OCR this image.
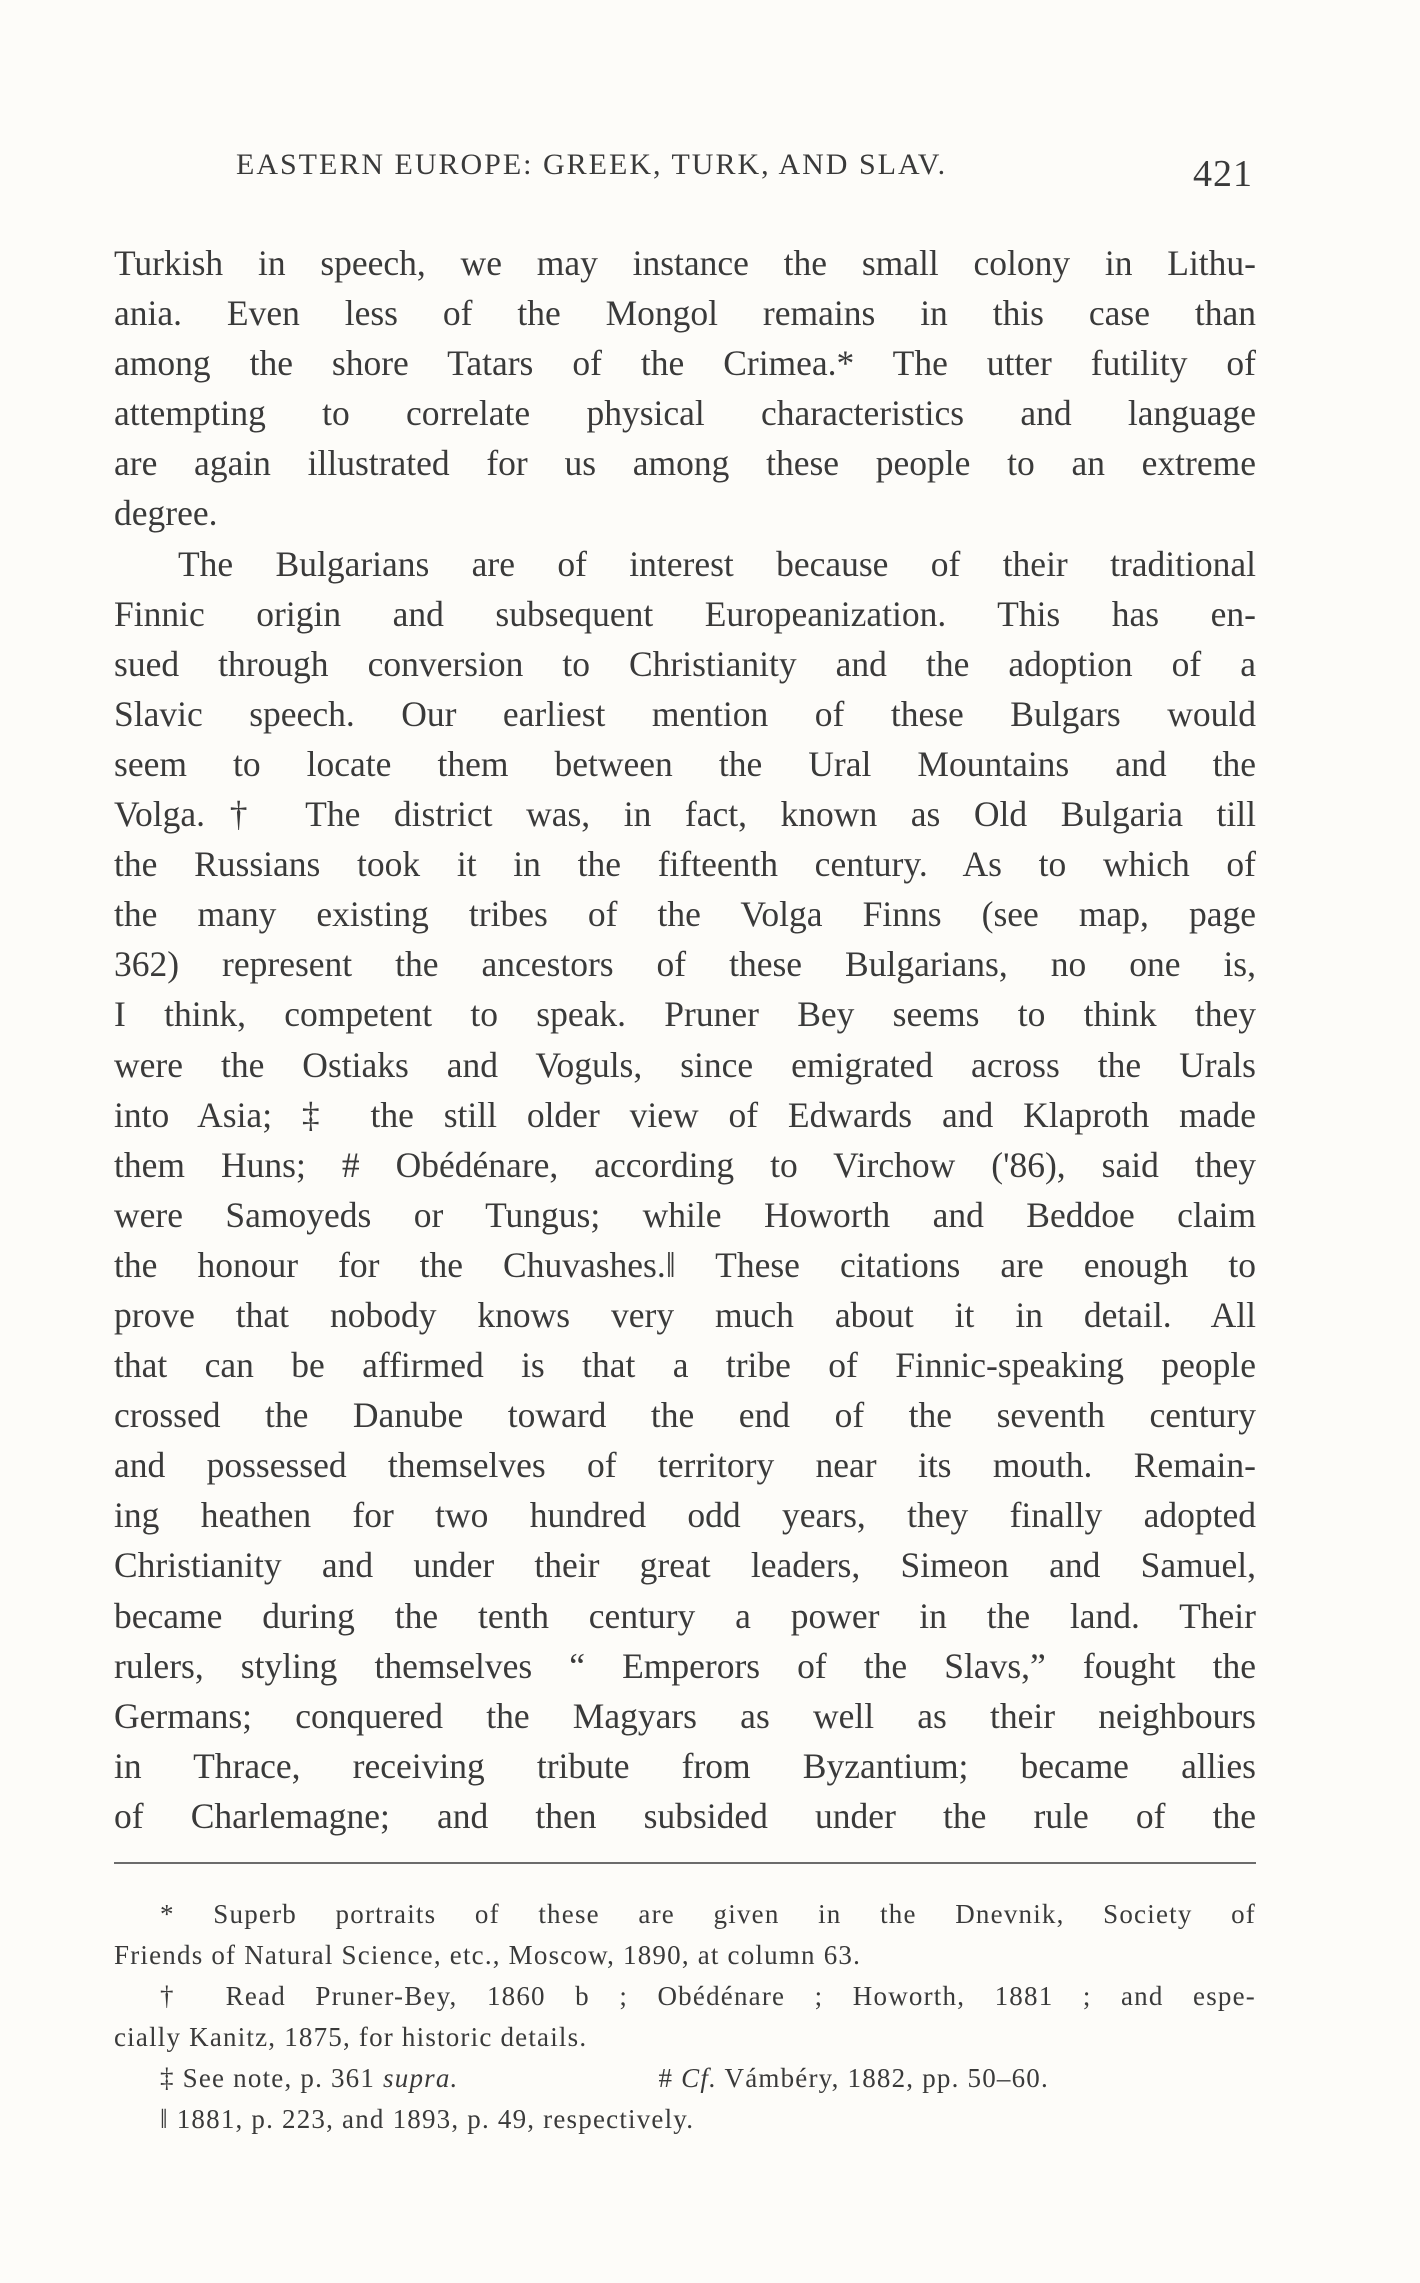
EASTERN EUROPE: GREEK, TURK, AND SLAV.	421
Turkish in speech, we may instance the small colony in Lithu-
ania. Even less of the Mongol remains in this case than
among the shore Tatars of the Crimea.* The utter futility of
attempting to correlate physical characteristics and language
are again illustrated for us among these people to an extreme
degree.
The Bulgarians are of interest because of their traditional
Finnic origin and subsequent Europeanization. This has en-
sued through conversion to Christianity and the adoption of a
Slavic speech. Our earliest mention of these Bulgars would
seem to locate them between the Ural Mountains and the
Volga.† The district was, in fact, known as Old Bulgaria till
the Russians took it in the fifteenth century. As to which of
the many existing tribes of the Volga Finns (see map, page
362) represent the ancestors of these Bulgarians, no one is,
I think, competent to speak. Pruner Bey seems to think they
were the Ostiaks and Voguls, since emigrated across the Urals
into Asia; ‡ the still older view of Edwards and Klaproth made
them Huns; # Obédénare, according to Virchow ('86), said they
were Samoyeds or Tungus; while Howorth and Beddoe claim
the honour for the Chuvashes.‖ These citations are enough to
prove that nobody knows very much about it in detail. All
that can be affirmed is that a tribe of Finnic-speaking people
crossed the Danube toward the end of the seventh century
and possessed themselves of territory near its mouth. Remain-
ing heathen for two hundred odd years, they finally adopted
Christianity and under their great leaders, Simeon and Samuel,
became during the tenth century a power in the land. Their
rulers, styling themselves “ Emperors of the Slavs,” fought the
Germans; conquered the Magyars as well as their neighbours
in Thrace, receiving tribute from Byzantium; became allies
of Charlemagne; and then subsided under the rule of the
* Superb portraits of these are given in the Dnevnik, Society of
Friends of Natural Science, etc., Moscow, 1890, at column 63.
† Read Pruner-Bey, 1860 b ; Obédénare ; Howorth, 1881 ; and espe-
cially Kanitz, 1875, for historic details.
‡ See note, p. 361 supra.	# Cf. Vámbéry, 1882, pp. 50–60.
‖ 1881, p. 223, and 1893, p. 49, respectively.
